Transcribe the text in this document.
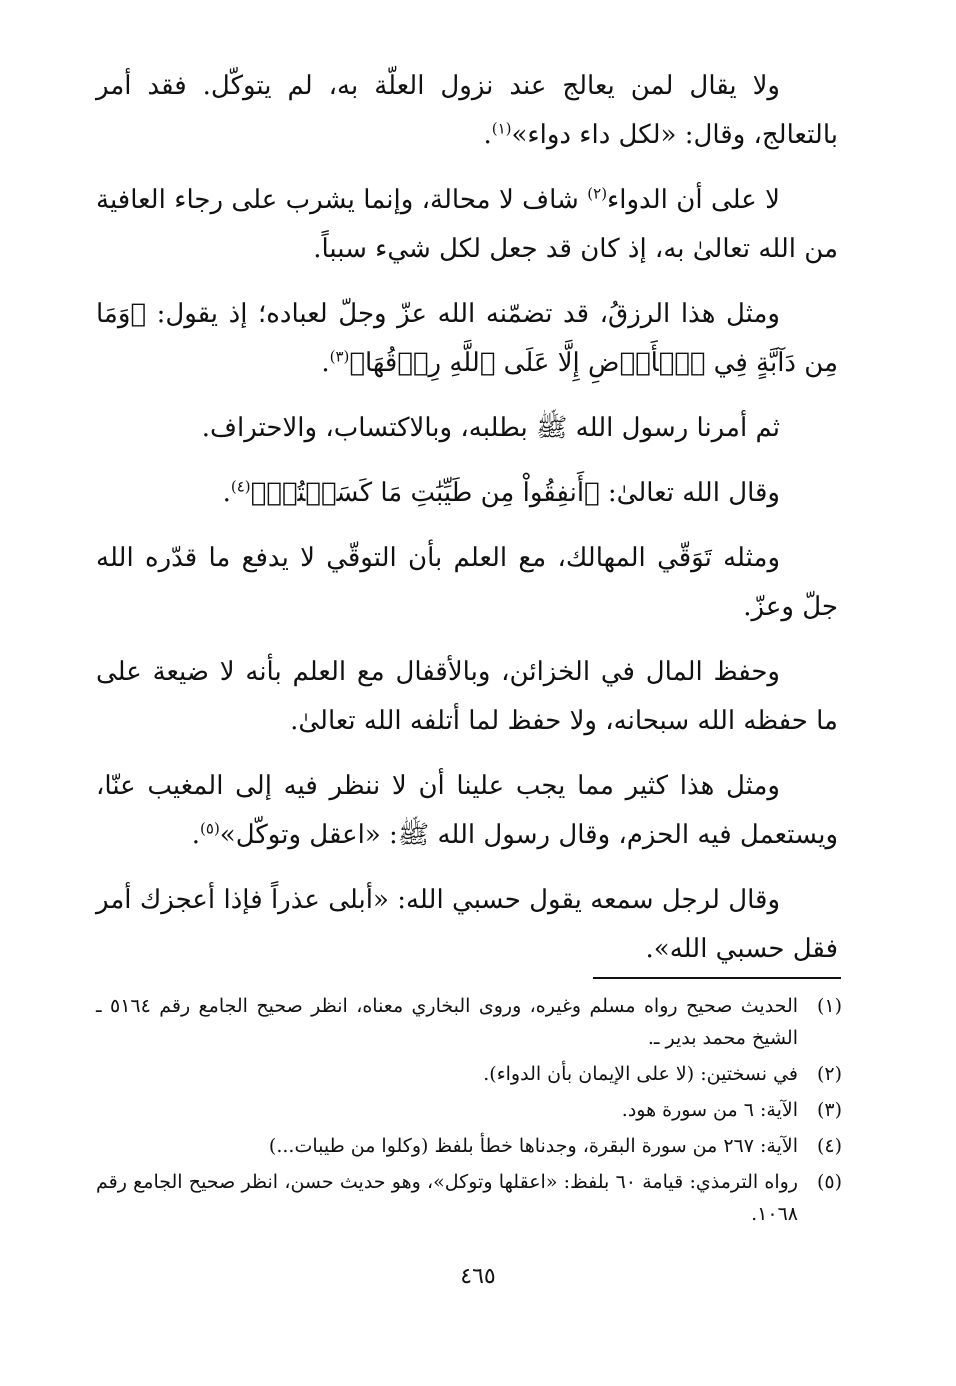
ولا يقال لمن يعالج عند نزول العلّة به، لم يتوكّل. فقد أمر بالتعالج، وقال: «لكل داء دواء»$^{(١)}$.

لا على أن الدواء$^{(٢)}$ شاف لا محالة، وإنما يشرب على رجاء العافية من الله تعالىٰ به، إذ كان قد جعل لكل شيء سبباً.

ومثل هذا الرزقُ، قد تضمّنه الله عزّ وجلّ لعباده؛ إذ يقول: ﴿وَمَا مِن دَآبَّةٍ فِي ٱلۡأَرۡضِ إِلَّا عَلَى ٱللَّهِ رِزۡقُهَا﴾$^{(٣)}$.

ثم أمرنا رسول الله ﷺ بطلبه، وبالاكتساب، والاحتراف.

وقال الله تعالىٰ: ﴿أَنفِقُواْ مِن طَيِّبَٰتِ مَا كَسَبۡتُمۡ﴾$^{(٤)}$.

ومثله تَوَقّي المهالك، مع العلم بأن التوقّي لا يدفع ما قدّره الله جلّ وعزّ.

وحفظ المال في الخزائن، وبالأقفال مع العلم بأنه لا ضيعة على ما حفظه الله سبحانه، ولا حفظ لما أتلفه الله تعالىٰ.

ومثل هذا كثير مما يجب علينا أن لا ننظر فيه إلى المغيب عنّا، ويستعمل فيه الحزم، وقال رسول الله ﷺ: «اعقل وتوكّل»$^{(٥)}$.

وقال لرجل سمعه يقول حسبي الله: «أبلى عذراً فإذا أعجزك أمر فقل حسبي الله».

(١)
الحديث صحيح رواه مسلم وغيره، وروى البخاري معناه، انظر صحيح الجامع رقم ٥١٦٤ ـ الشيخ محمد بدير ـ.
(٢)
في نسختين: (لا على الإيمان بأن الدواء).
(٣)
الآية: ٦ من سورة هود.
(٤)
الآية: ٢٦٧ من سورة البقرة، وجدناها خطأ بلفظ (وكلوا من طيبات...)
(٥)
رواه الترمذي: قيامة ٦٠ بلفظ: «اعقلها وتوكل»، وهو حديث حسن، انظر صحيح الجامع رقم ١٠٦٨.
٤٦٥
